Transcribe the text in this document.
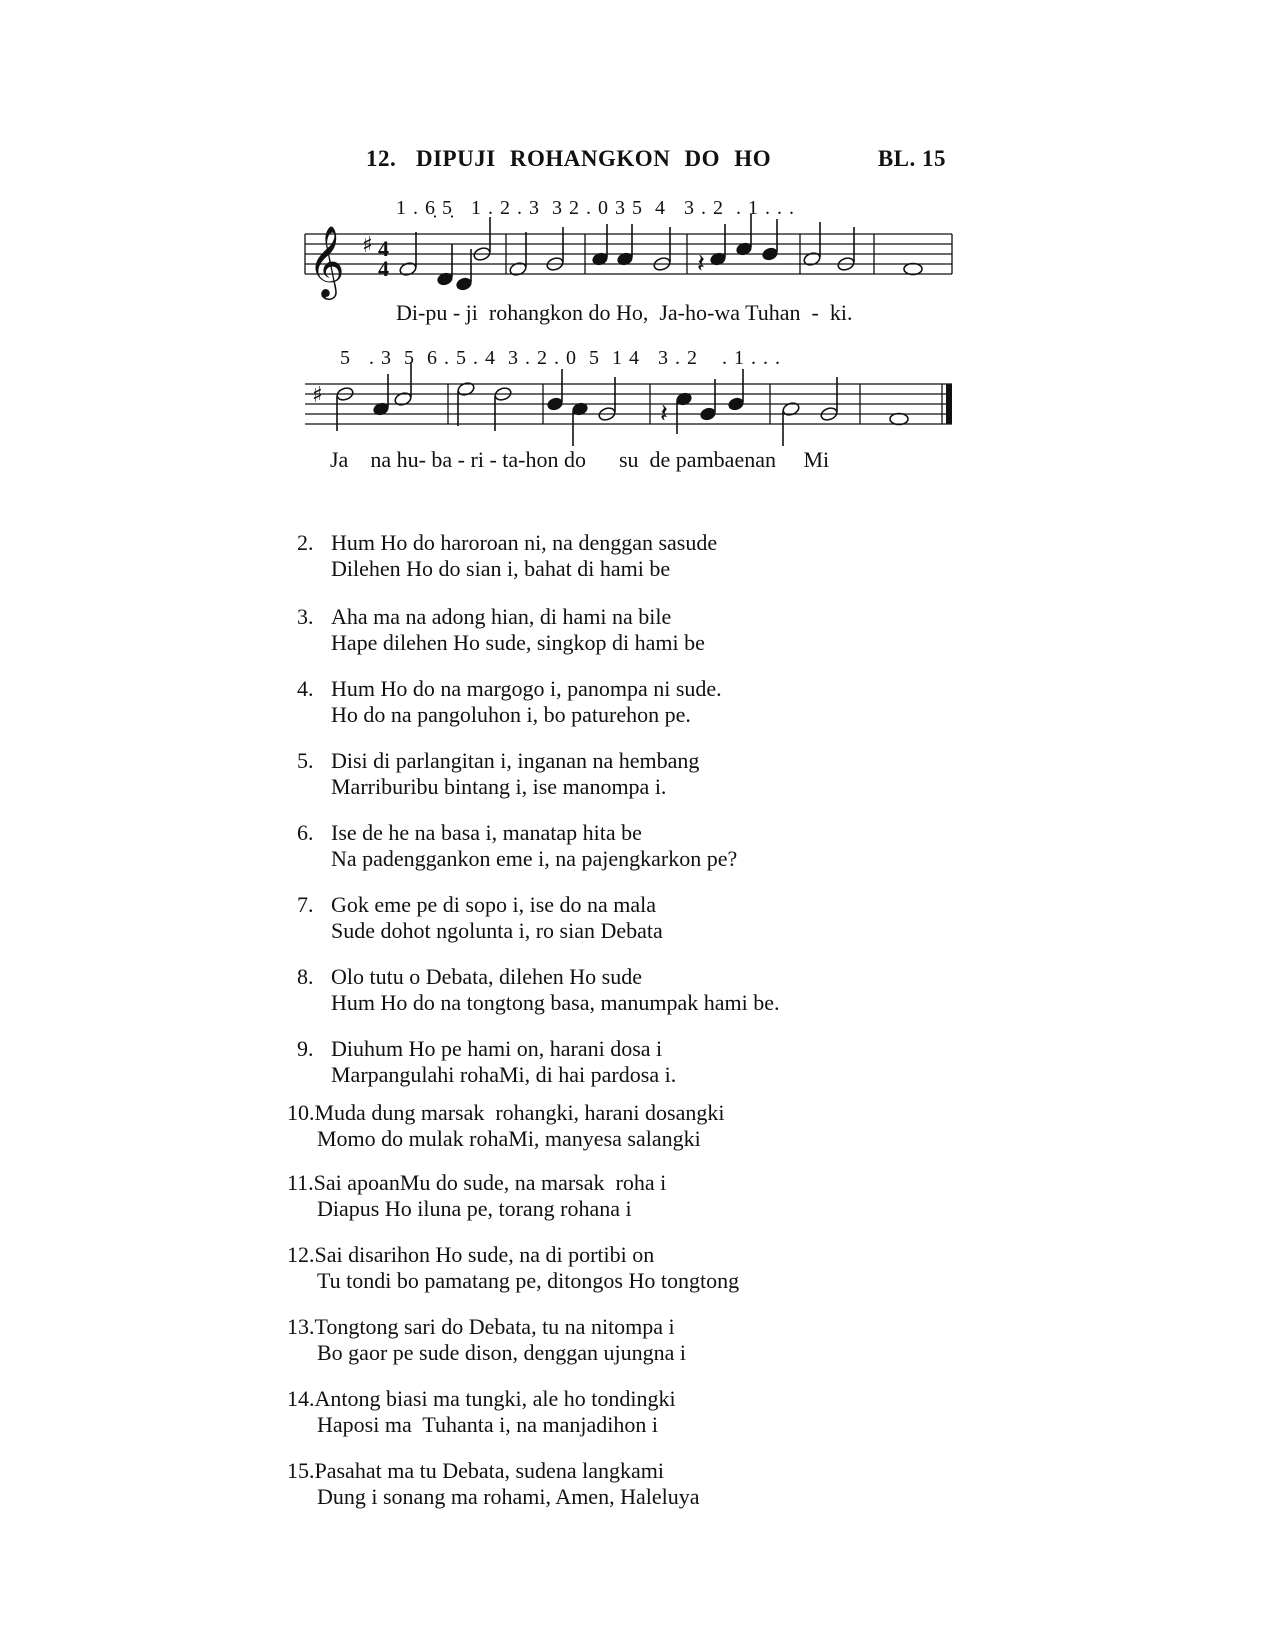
12. DIPUJI ROHANGKON DO HO	BL. 15
1 . 6̣ 5̣   1 . 2 . 3  3 2 . 0 3 5  4   3 . 2  . 1 . . .
Di-pu - ji  rohangkon do Ho,  Ja-ho-wa Tuhan  -  ki.
5   . 3  5  6 . 5 . 4  3 . 2 . 0  5  1 4   3 . 2    . 1 . . .
Ja    na hu- ba - ri - ta-hon do      su  de pambaenan     Mi
𝄞 ♯ 4
4
♯
𝄽
𝄽
2. Hum Ho do haroroan ni, na denggan sasude
Dilehen Ho do sian i, bahat di hami be
3. Aha ma na adong hian, di hami na bile
Hape dilehen Ho sude, singkop di hami be
4. Hum Ho do na margogo i, panompa ni sude.
Ho do na pangoluhon i, bo paturehon pe.
5. Disi di parlangitan i, inganan na hembang
Marriburibu bintang i, ise manompa i.
6. Ise de he na basa i, manatap hita be
Na padenggankon eme i, na pajengkarkon pe?
7. Gok eme pe di sopo i, ise do na mala
Sude dohot ngolunta i, ro sian Debata
8. Olo tutu o Debata, dilehen Ho sude
Hum Ho do na tongtong basa, manumpak hami be.
9. Diuhum Ho pe hami on, harani dosa i
Marpangulahi rohaMi, di hai pardosa i.
10.Muda dung marsak  rohangki, harani dosangki
Momo do mulak rohaMi, manyesa salangki
11.Sai apoanMu do sude, na marsak  roha i
Diapus Ho iluna pe, torang rohana i
12.Sai disarihon Ho sude, na di portibi on
Tu tondi bo pamatang pe, ditongos Ho tongtong
13.Tongtong sari do Debata, tu na nitompa i
Bo gaor pe sude dison, denggan ujungna i
14.Antong biasi ma tungki, ale ho tondingki
Haposi ma  Tuhanta i, na manjadihon i
15.Pasahat ma tu Debata, sudena langkami
Dung i sonang ma rohami, Amen, Haleluya
